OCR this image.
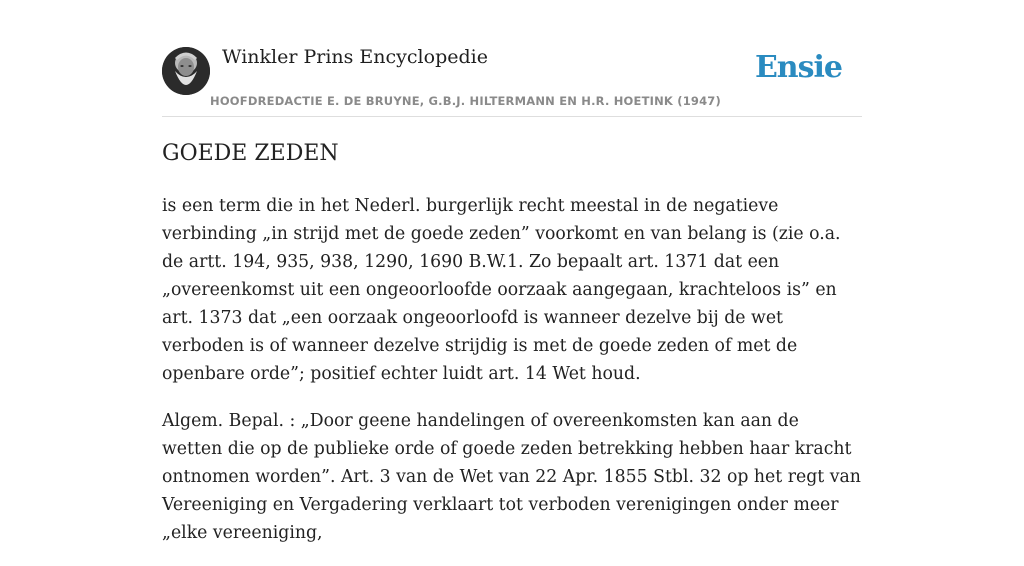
Winkler Prins Encyclopedie
HOOFDREDACTIE E. DE BRUYNE, G.B.J. HILTERMANN EN H.R. HOETINK (1947)
Ensie
GOEDE ZEDEN

is een term die in het Nederl. burgerlijk recht meestal in de negatieve verbinding „in strijd met de goede zeden” voorkomt en van belang is (zie o.a. de artt. 194, 935, 938, 1290, 1690 B.W.1. Zo bepaalt art. 1371 dat een „overeenkomst uit een ongeoorloofde oorzaak aangegaan, krachteloos is” en art. 1373 dat „een oorzaak ongeoorloofd is wanneer dezelve bij de wet verboden is of wanneer dezelve strijdig is met de goede zeden of met de openbare orde”; positief echter luidt art. 14 Wet houd.

Algem. Bepal. : „Door geene handelingen of overeenkomsten kan aan de wetten die op de publieke orde of goede zeden betrekking hebben haar kracht ontnomen worden”. Art. 3 van de Wet van 22 Apr. 1855 Stbl. 32 op het regt van Vereeniging en Vergadering verklaart tot verboden verenigingen onder meer „elke vereeniging,
